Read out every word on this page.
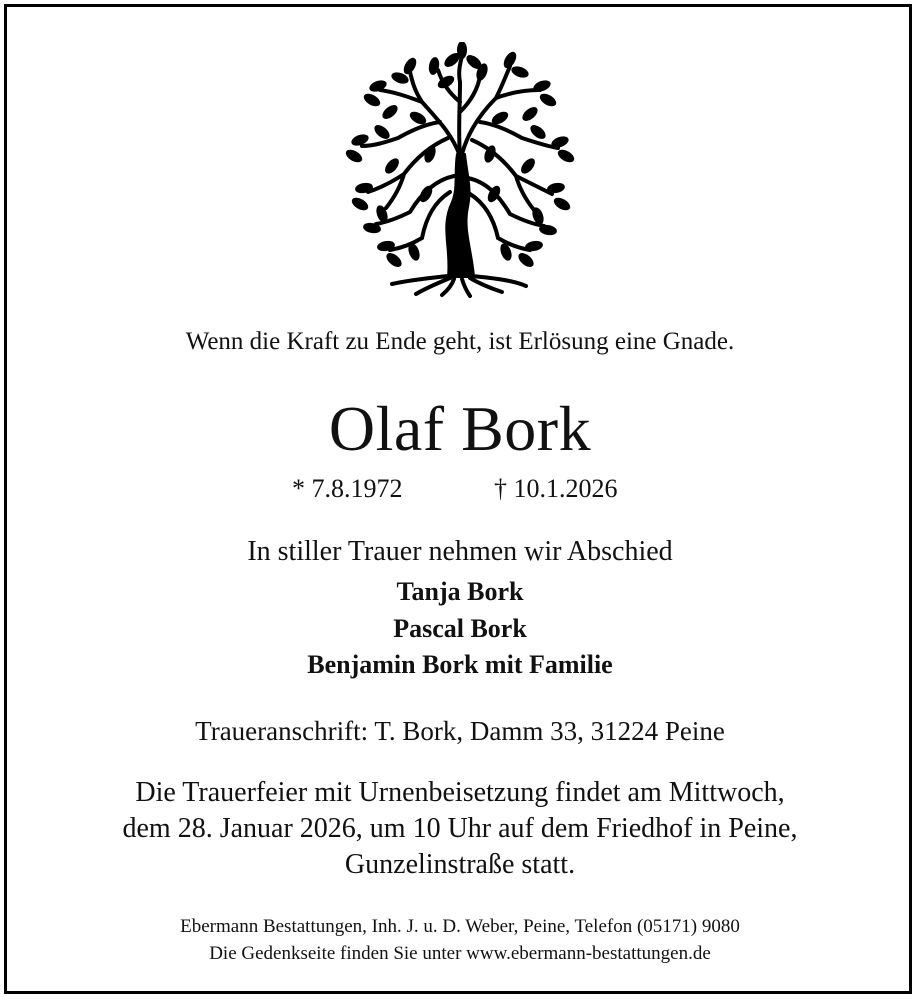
Wenn die Kraft zu Ende geht, ist Erlösung eine Gnade.
Olaf Bork
* 7.8.1972	† 10.1.2026
In stiller Trauer nehmen wir Abschied
Tanja Bork
Pascal Bork
Benjamin Bork mit Familie
Traueranschrift: T. Bork, Damm 33, 31224 Peine
Die Trauerfeier mit Urnenbeisetzung findet am Mittwoch,
dem 28. Januar 2026, um 10 Uhr auf dem Friedhof in Peine,
Gunzelinstraße statt.
Ebermann Bestattungen, Inh. J. u. D. Weber, Peine, Telefon (05171) 9080
Die Gedenkseite finden Sie unter www.ebermann-bestattungen.de
